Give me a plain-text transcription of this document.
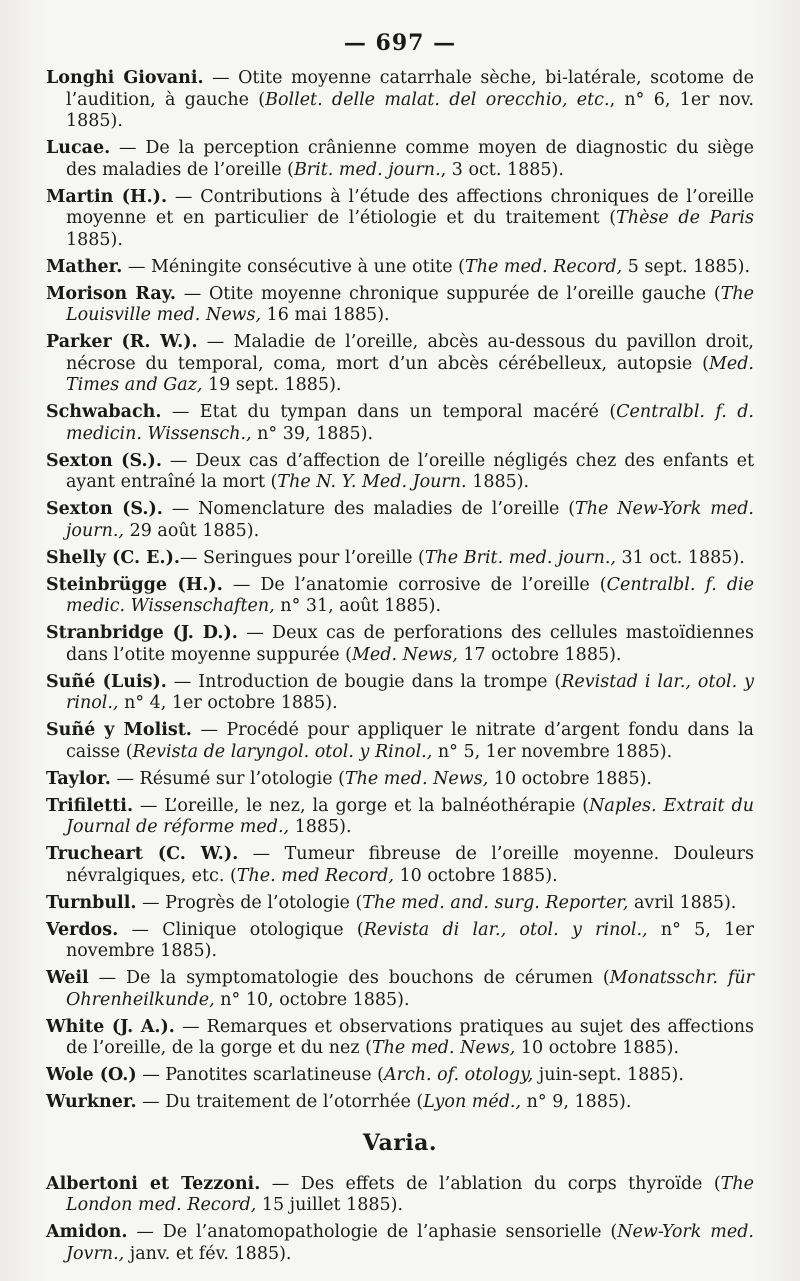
— 697 —

Longhi Giovani. — Otite moyenne catarrhale sèche, bi-latérale, scotome de l’audition, à gauche (Bollet. delle malat. del orecchio, etc., n° 6, 1er nov. 1885).

Lucae. — De la perception crânienne comme moyen de diagnostic du siège des maladies de l’oreille (Brit. med. journ., 3 oct. 1885).

Martin (H.). — Contributions à l’étude des affections chroniques de l’oreille moyenne et en particulier de l’étiologie et du traitement (Thèse de Paris 1885).

Mather. — Méningite consécutive à une otite (The med. Record, 5 sept. 1885).

Morison Ray. — Otite moyenne chronique suppurée de l’oreille gauche (The Louisville med. News, 16 mai 1885).

Parker (R. W.). — Maladie de l’oreille, abcès au-dessous du pavillon droit, nécrose du temporal, coma, mort d’un abcès cérébelleux, autopsie (Med. Times and Gaz, 19 sept. 1885).

Schwabach. — Etat du tympan dans un temporal macéré (Centralbl. f. d. medicin. Wissensch., n° 39, 1885).

Sexton (S.). — Deux cas d’affection de l’oreille négligés chez des enfants et ayant entraîné la mort (The N. Y. Med. Journ. 1885).

Sexton (S.). — Nomenclature des maladies de l’oreille (The New-York med. journ., 29 août 1885).

Shelly (C. E.).— Seringues pour l’oreille (The Brit. med. journ., 31 oct. 1885).

Steinbrügge (H.). — De l’anatomie corrosive de l’oreille (Centralbl. f. die medic. Wissenschaften, n° 31, août 1885).

Stranbridge (J. D.). — Deux cas de perforations des cellules mastoïdiennes dans l’otite moyenne suppurée (Med. News, 17 octobre 1885).

Suñé (Luis). — Introduction de bougie dans la trompe (Revistad i lar., otol. y rinol., n° 4, 1er octobre 1885).

Suñé y Molist. — Procédé pour appliquer le nitrate d’argent fondu dans la caisse (Revista de laryngol. otol. y Rinol., n° 5, 1er novembre 1885).

Taylor. — Résumé sur l’otologie (The med. News, 10 octobre 1885).

Trifiletti. — L’oreille, le nez, la gorge et la balnéothérapie (Naples. Extrait du Journal de réforme med., 1885).

Trucheart (C. W.). — Tumeur fibreuse de l’oreille moyenne. Douleurs névralgiques, etc. (The. med Record, 10 octobre 1885).

Turnbull. — Progrès de l’otologie (The med. and. surg. Reporter, avril 1885).

Verdos. — Clinique otologique (Revista di lar., otol. y rinol., n° 5, 1er novembre 1885).

Weil — De la symptomatologie des bouchons de cérumen (Monatsschr. für Ohrenheilkunde, n° 10, octobre 1885).

White (J. A.). — Remarques et observations pratiques au sujet des affections de l’oreille, de la gorge et du nez (The med. News, 10 octobre 1885).

Wole (O.) — Panotites scarlatineuse (Arch. of. otology, juin-sept. 1885).

Wurkner. — Du traitement de l’otorrhée (Lyon méd., n° 9, 1885).

Varia.

Albertoni et Tezzoni. — Des effets de l’ablation du corps thyroïde (The London med. Record, 15 juillet 1885).

Amidon. — De l’anatomopathologie de l’aphasie sensorielle (New-York med. Jovrn., janv. et fév. 1885).
